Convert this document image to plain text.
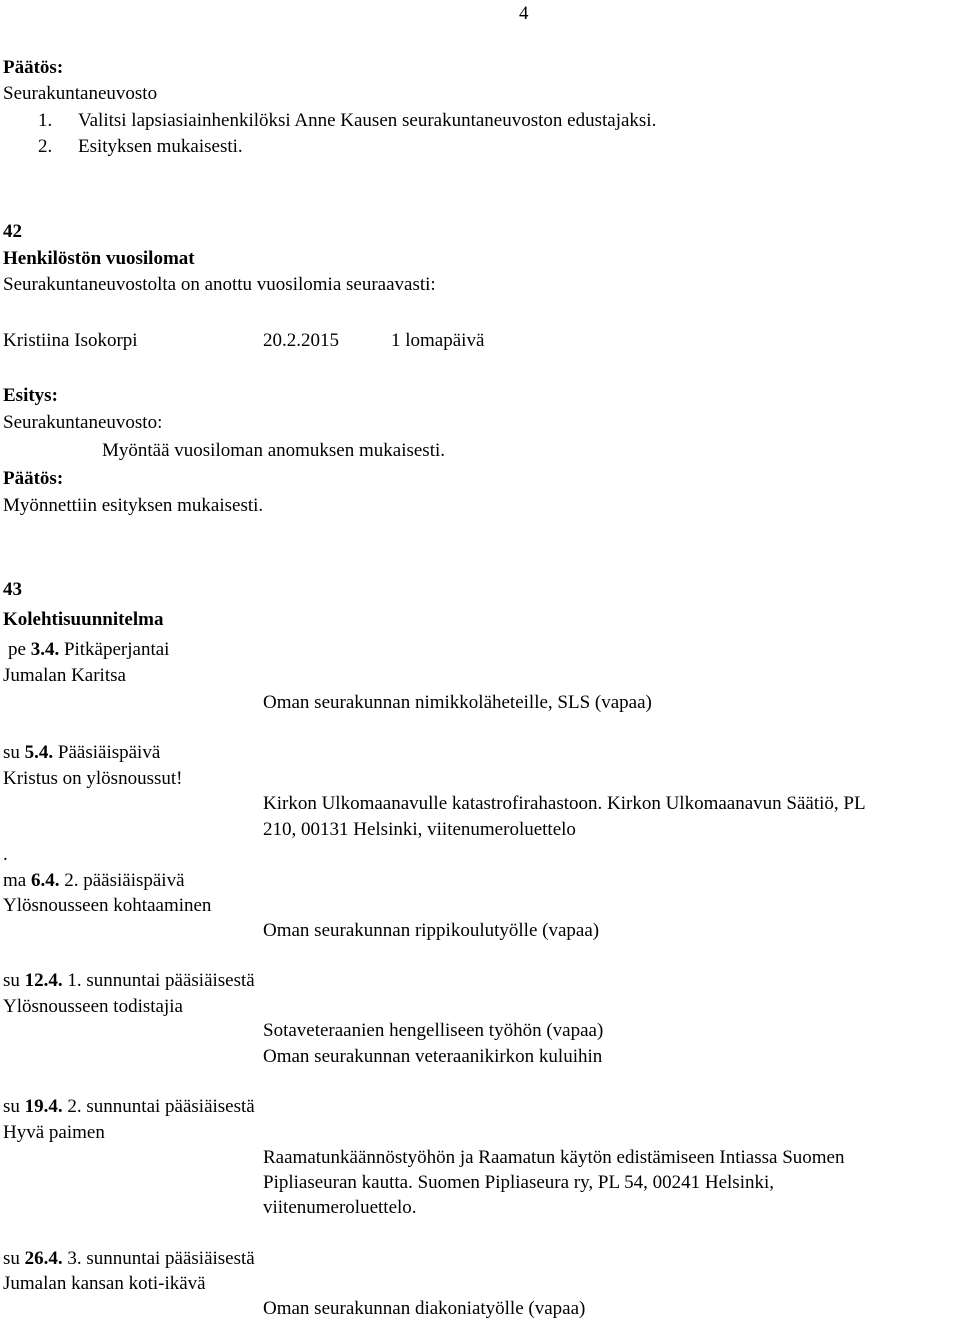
4
Päätös:
Seurakuntaneuvosto
1. Valitsi lapsiasiainhenkilöksi Anne Kausen seurakuntaneuvoston edustajaksi.
2. Esityksen mukaisesti.
42
Henkilöstön vuosilomat
Seurakuntaneuvostolta on anottu vuosilomia seuraavasti:
Kristiina Isokorpi	20.2.2015	1 lomapäivä
Esitys:
Seurakuntaneuvosto:
Myöntää vuosiloman anomuksen mukaisesti.
Päätös:
Myönnettiin esityksen mukaisesti.
43
Kolehtisuunnitelma
pe 3.4. Pitkäperjantai
Jumalan Karitsa
Oman seurakunnan nimikkoläheteille, SLS (vapaa)
su 5.4. Pääsiäispäivä
Kristus on ylösnoussut!
Kirkon Ulkomaanavulle katastrofirahastoon. Kirkon Ulkomaanavun Säätiö, PL
210, 00131 Helsinki, viitenumeroluettelo
.
ma 6.4. 2. pääsiäispäivä
Ylösnousseen kohtaaminen
Oman seurakunnan rippikoulutyölle (vapaa)
su 12.4. 1. sunnuntai pääsiäisestä
Ylösnousseen todistajia
Sotaveteraanien hengelliseen työhön (vapaa)
Oman seurakunnan veteraanikirkon kuluihin
su 19.4. 2. sunnuntai pääsiäisestä
Hyvä paimen
Raamatunkäännöstyöhön ja Raamatun käytön edistämiseen Intiassa Suomen
Pipliaseuran kautta. Suomen Pipliaseura ry, PL 54, 00241 Helsinki,
viitenumeroluettelo.
su 26.4. 3. sunnuntai pääsiäisestä
Jumalan kansan koti-ikävä
Oman seurakunnan diakoniatyölle (vapaa)
